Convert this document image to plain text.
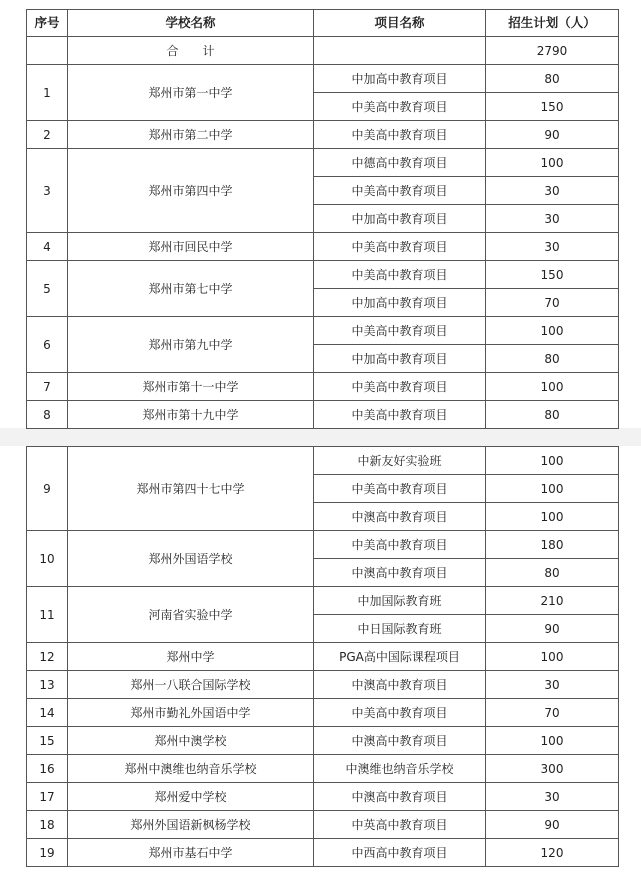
序号	学校名称	项目名称	招生计划（人）
	合　　计		2790
1	郑州市第一中学	中加高中教育项目	80
		中美高中教育项目	150
2	郑州市第二中学	中美高中教育项目	90
3	郑州市第四中学	中德高中教育项目	100
		中美高中教育项目	30
		中加高中教育项目	30
4	郑州市回民中学	中美高中教育项目	30
5	郑州市第七中学	中美高中教育项目	150
		中加高中教育项目	70
6	郑州市第九中学	中美高中教育项目	100
		中加高中教育项目	80
7	郑州市第十一中学	中美高中教育项目	100
8	郑州市第十九中学	中美高中教育项目	80
9	郑州市第四十七中学	中新友好实验班	100
		中美高中教育项目	100
		中澳高中教育项目	100
10	郑州外国语学校	中美高中教育项目	180
		中澳高中教育项目	80
11	河南省实验中学	中加国际教育班	210
		中日国际教育班	90
12	郑州中学	PGA高中国际课程项目	100
13	郑州一八联合国际学校	中澳高中教育项目	30
14	郑州市勤礼外国语中学	中美高中教育项目	70
15	郑州中澳学校	中澳高中教育项目	100
16	郑州中澳维也纳音乐学校	中澳维也纳音乐学校	300
17	郑州爱中学校	中澳高中教育项目	30
18	郑州外国语新枫杨学校	中英高中教育项目	90
19	郑州市基石中学	中西高中教育项目	120
